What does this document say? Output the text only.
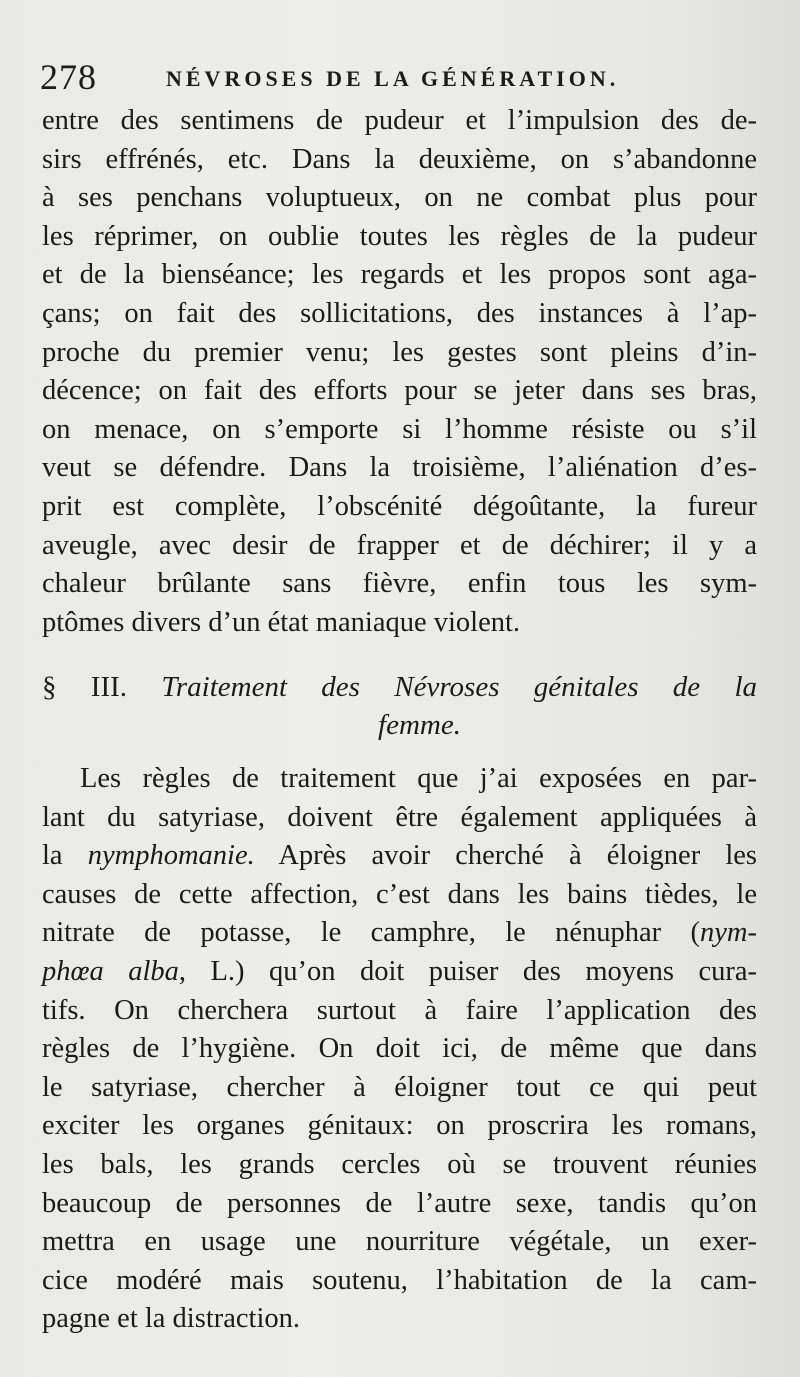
278	NÉVROSES DE LA GÉNÉRATION.
entre des sentimens de pudeur et l’impulsion des de-
sirs effrénés, etc. Dans la deuxième, on s’abandonne
à ses penchans voluptueux, on ne combat plus pour
les réprimer, on oublie toutes les règles de la pudeur
et de la bienséance; les regards et les propos sont aga-
çans; on fait des sollicitations, des instances à l’ap-
proche du premier venu; les gestes sont pleins d’in-
décence; on fait des efforts pour se jeter dans ses bras,
on menace, on s’emporte si l’homme résiste ou s’il
veut se défendre. Dans la troisième, l’aliénation d’es-
prit est complète, l’obscénité dégoûtante, la fureur
aveugle, avec desir de frapper et de déchirer; il y a
chaleur brûlante sans fièvre, enfin tous les sym-
ptômes divers d’un état maniaque violent.
§ III. Traitement des Névroses génitales de la
femme.
Les règles de traitement que j’ai exposées en par-
lant du satyriase, doivent être également appliquées à
la nymphomanie. Après avoir cherché à éloigner les
causes de cette affection, c’est dans les bains tièdes, le
nitrate de potasse, le camphre, le nénuphar (nym-
phœa alba, L.) qu’on doit puiser des moyens cura-
tifs. On cherchera surtout à faire l’application des
règles de l’hygiène. On doit ici, de même que dans
le satyriase, chercher à éloigner tout ce qui peut
exciter les organes génitaux: on proscrira les romans,
les bals, les grands cercles où se trouvent réunies
beaucoup de personnes de l’autre sexe, tandis qu’on
mettra en usage une nourriture végétale, un exer-
cice modéré mais soutenu, l’habitation de la cam-
pagne et la distraction.
